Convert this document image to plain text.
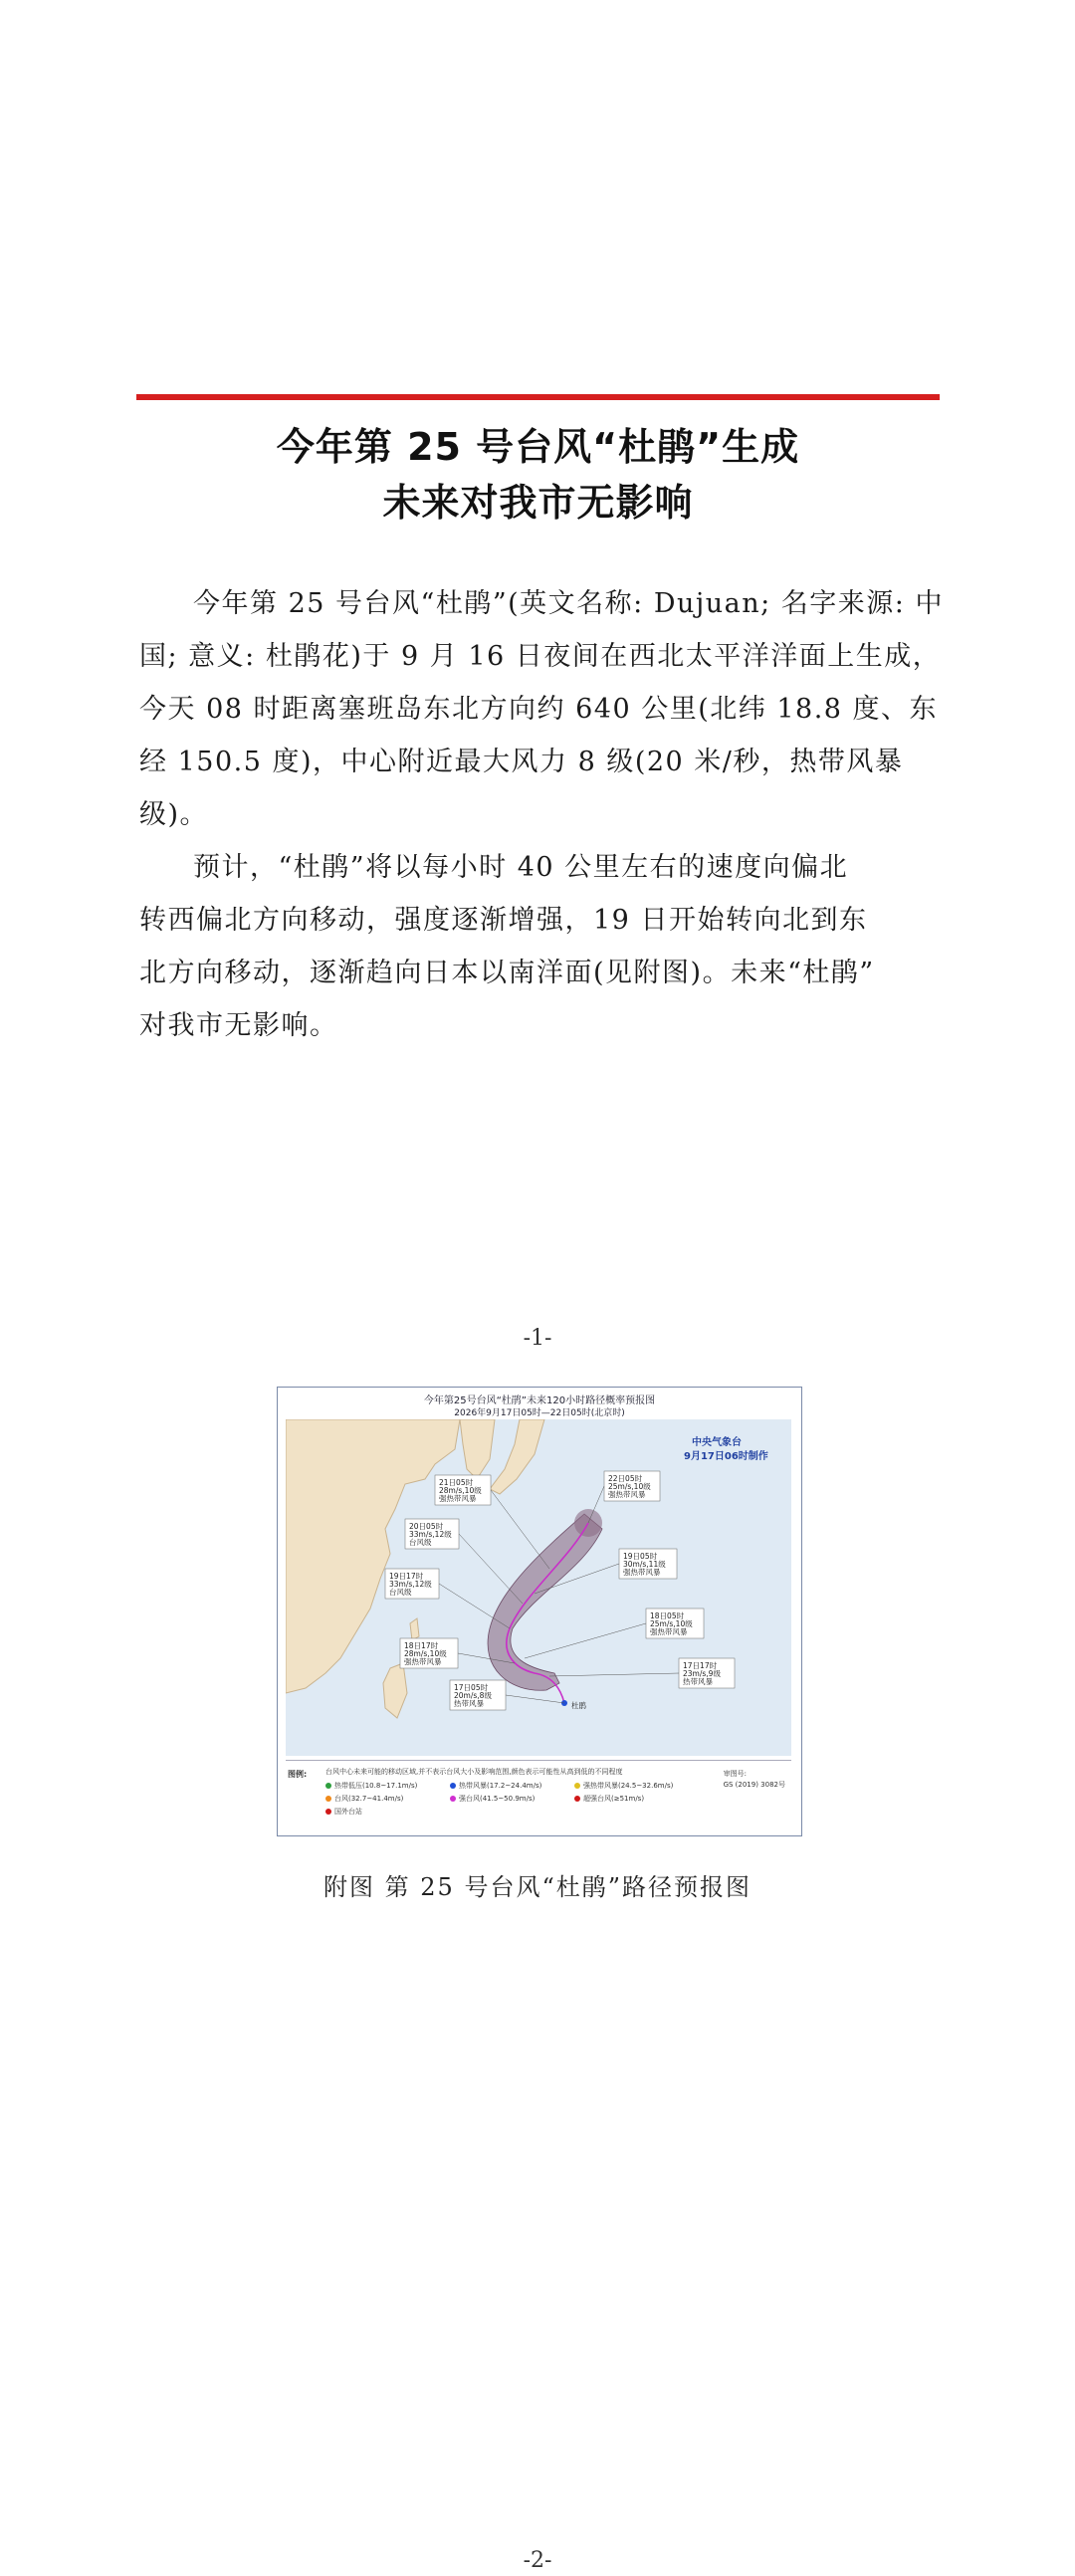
今年第 25 号台风“杜鹃”生成
未来对我市无影响

今年第 25 号台风“杜鹃”(英文名称: Dujuan; 名字来源: 中国; 意义: 杜鹃花)于 9 月 16 日夜间在西北太平洋洋面上生成，今天 08 时距离塞班岛东北方向约 640 公里(北纬 18.8 度、东经 150.5 度)，中心附近最大风力 8 级(20 米/秒，热带风暴级)。

预计，“杜鹃”将以每小时 40 公里左右的速度向偏北

转西偏北方向移动，强度逐渐增强，19 日开始转向北到东

北方向移动，逐渐趋向日本以南洋面(见附图)。未来“杜鹃”

对我市无影响。

-1-
今年第25号台风“杜鹃”未来120小时路径概率预报图
2026年9月17日05时—22日05时(北京时)
杜鹃
中央气象台
9月17日06时制作
22日05时
25m/s,10级
强热带风暴
21日05时
28m/s,10级
强热带风暴
20日05时
33m/s,12级
台风级
19日17时
33m/s,12级
台风级
19日05时
30m/s,11级
强热带风暴
18日05时
25m/s,10级
强热带风暴
18日17时
28m/s,10级
强热带风暴	17日17时
23m/s,9级
热带风暴
17日05时
20m/s,8级
热带风暴
图例:	台风中心未来可能的移动区域,并不表示台风大小及影响范围,颜色表示可能性从高到低的不同程度
热带低压(10.8~17.1m/s)	热带风暴(17.2~24.4m/s)	强热带风暴(24.5~32.6m/s)
台风(32.7~41.4m/s)	强台风(41.5~50.9m/s)	超强台风(≥51m/s)
国外台站
审图号:
GS (2019) 3082号
附图 第 25 号台风“杜鹃”路径预报图
-2-
